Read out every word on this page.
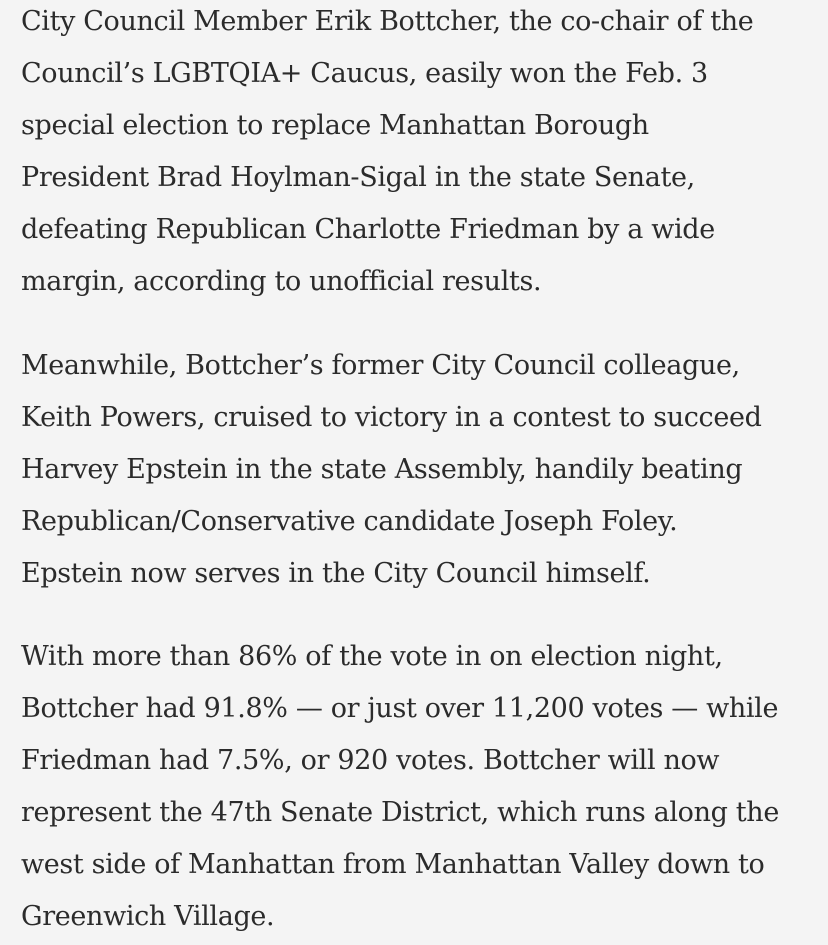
City Council Member Erik Bottcher, the co-chair of the
Council’s LGBTQIA+ Caucus, easily won the Feb. 3
special election to replace Manhattan Borough
President Brad Hoylman-Sigal in the state Senate,
defeating Republican Charlotte Friedman by a wide
margin, according to unofficial results.
Meanwhile, Bottcher’s former City Council colleague,
Keith Powers, cruised to victory in a contest to succeed
Harvey Epstein in the state Assembly, handily beating
Republican/Conservative candidate Joseph Foley.
Epstein now serves in the City Council himself.
With more than 86% of the vote in on election night,
Bottcher had 91.8% — or just over 11,200 votes — while
Friedman had 7.5%, or 920 votes. Bottcher will now
represent the 47th Senate District, which runs along the
west side of Manhattan from Manhattan Valley down to
Greenwich Village.
